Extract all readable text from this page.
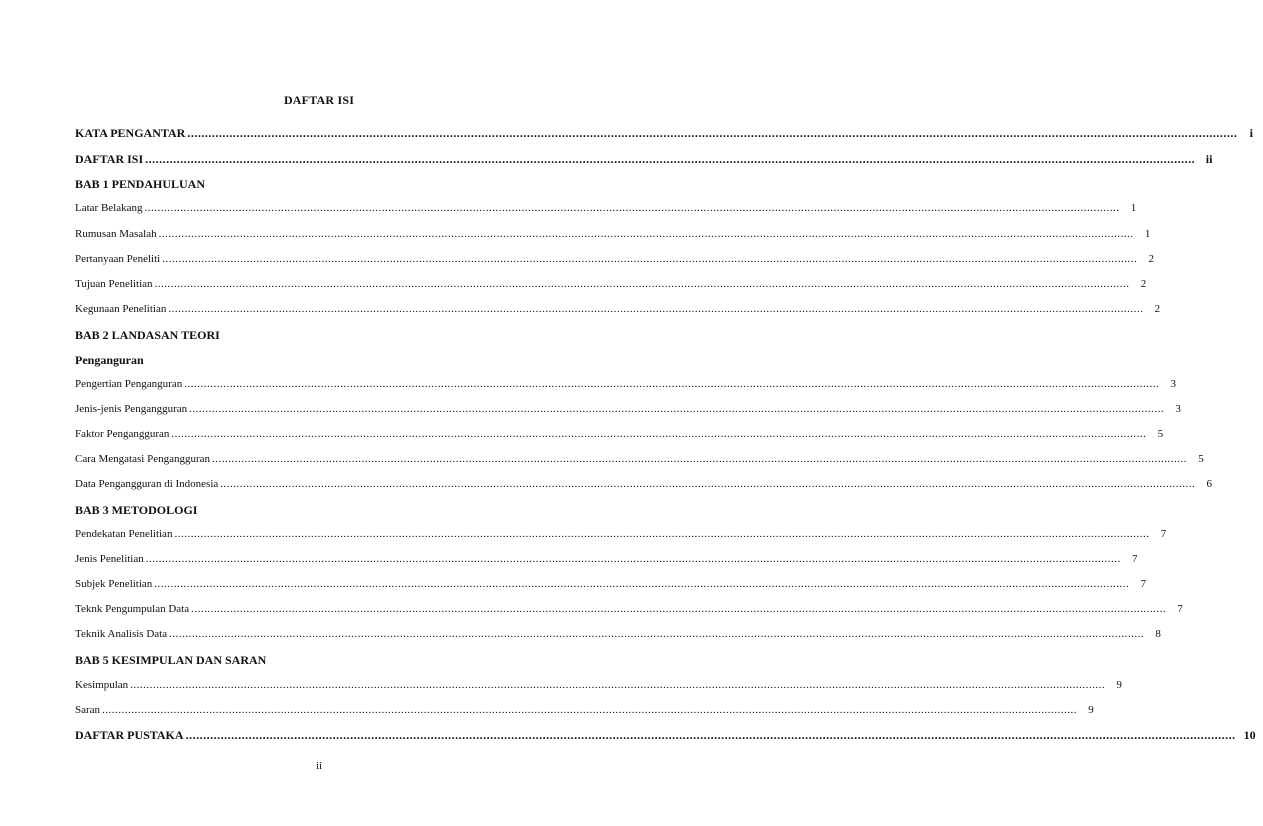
DAFTAR ISI
KATA PENGANTAR ............................................................................................................................................................................................................................................................................................................	i
DAFTAR ISI ............................................................................................................................................................................................................................................................................................................ ii
BAB 1 PENDAHULUAN
Latar Belakang ............................................................................................................................................................................................................................................................................................................	1
Rumusan Masalah ............................................................................................................................................................................................................................................................................................................	1
Pertanyaan Peneliti ............................................................................................................................................................................................................................................................................................................	2
Tujuan Penelitian ............................................................................................................................................................................................................................................................................................................	2
Kegunaan Penelitian ............................................................................................................................................................................................................................................................................................................	2
BAB 2 LANDASAN TEORI
Penganguran
Pengertian Penganguran ............................................................................................................................................................................................................................................................................................................	3
Jenis-jenis Pengangguran ............................................................................................................................................................................................................................................................................................................	3
Faktor Pengangguran ............................................................................................................................................................................................................................................................................................................	5
Cara Mengatasi Pengangguran ............................................................................................................................................................................................................................................................................................................	5
Data Pengangguran di Indonesia ............................................................................................................................................................................................................................................................................................................	6
BAB 3 METODOLOGI
Pendekatan Penelitian ............................................................................................................................................................................................................................................................................................................	7
Jenis Penelitian ............................................................................................................................................................................................................................................................................................................	7
Subjek Penelitian ............................................................................................................................................................................................................................................................................................................	7
Teknk Pengumpulan Data ............................................................................................................................................................................................................................................................................................................	7
Teknik Analisis Data ............................................................................................................................................................................................................................................................................................................	8
BAB 5 KESIMPULAN DAN SARAN
Kesimpulan ............................................................................................................................................................................................................................................................................................................	9
Saran ............................................................................................................................................................................................................................................................................................................	9
DAFTAR PUSTAKA ............................................................................................................................................................................................................................................................................................................ 10
ii
